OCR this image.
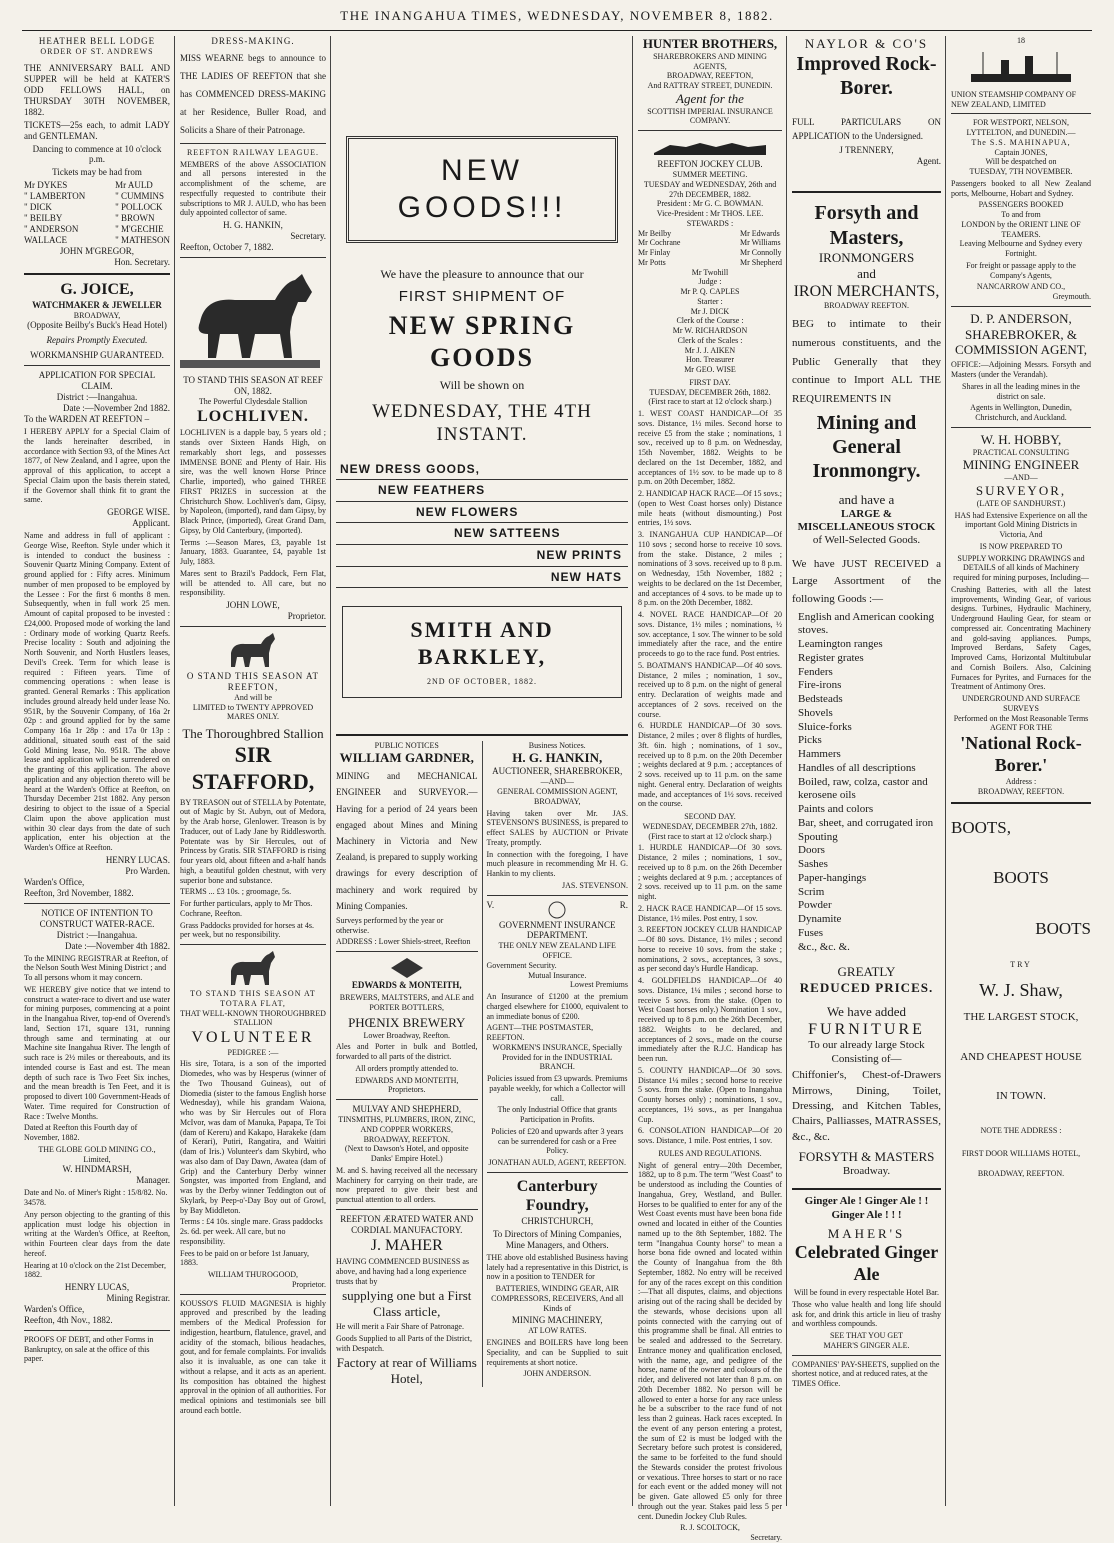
THE INANGAHUA TIMES, WEDNESDAY, NOVEMBER 8, 1882.
HEATHER BELL LODGE
ORDER OF ST. ANDREWS

THE ANNIVERSARY BALL AND SUPPER will be held at KATER'S ODD FELLOWS HALL, on THURSDAY 30TH NOVEMBER, 1882.

TICKETS—25s each, to admit LADY and GENTLEMAN.

Dancing to commence at 10 o'clock p.m.

Tickets may be had from

Mr DYKES
" LAMBERTON
" DICK
" BEILBY
" ANDERSON
WALLACE
Mr AULD
" CUMMINS
" POLLOCK
" BROWN
" M'GECHIE
" MATHESON
JOHN M'GREGOR,
Hon. Secretary.
G. JOICE,
WATCHMAKER & JEWELLER
BROADWAY,
(Opposite Beilby's Buck's Head Hotel)
Repairs Promptly Executed.
WORKMANSHIP GUARANTEED.
APPLICATION FOR SPECIAL CLAIM.
District :—Inangahua.
Date :—November 2nd 1882.
To the WARDEN AT REEFTON –

I HEREBY APPLY for a Special Claim of the lands hereinafter described, in accordance with Section 93, of the Mines Act 1877, of New Zealand, and I agree, upon the approval of this application, to accept a Special Claim upon the basis therein stated, if the Governor shall think fit to grant the same.

GEORGE WISE.
Applicant.

Name and address in full of applicant : George Wise, Reefton. Style under which it is intended to conduct the business : Souvenir Quartz Mining Company. Extent of ground applied for : Fifty acres. Minimum number of men proposed to be employed by the Lessee : For the first 6 months 8 men. Subsequently, when in full work 25 men. Amount of capital proposed to be invested : £24,000. Proposed mode of working the land : Ordinary mode of working Quartz Reefs. Precise locality : South and adjoining the North Souvenir, and North Hustlers leases, Devil's Creek. Term for which lease is required : Fifteen years. Time of commencing operations : when lease is granted. General Remarks : This application includes ground already held under lease No. 951R, by the Souvenir Company, of 16a 2r 02p : and ground applied for by the same Company 16a 1r 28p : and 17a 0r 13p : additional, situated south east of the said Gold Mining lease, No. 951R. The above lease and application will be surrendered on the granting of this application. The above application and any objection thereto will be heard at the Warden's Office at Reefton, on Thursday December 21st 1882. Any person desiring to object to the issue of a Special Claim upon the above application must within 30 clear days from the date of such application, enter his objection at the Warden's Office at Reefton.

HENRY LUCAS.
Pro Warden.
Warden's Office,
Reefton, 3rd November, 1882.
NOTICE OF INTENTION TO CONSTRUCT WATER-RACE.
District :—Inangahua.
Date :—November 4th 1882.

To the MINING REGISTRAR at Reefton, of the Nelson South West Mining District ; and To all persons whom it may concern.

WE HEREBY give notice that we intend to construct a water-race to divert and use water for mining purposes, commencing at a point in the Inangahua River, top-end of Overend's land, Section 171, square 131, running through same and terminating at our Machine site Inangahua River. The length of such race is 2½ miles or thereabouts, and its intended course is East and est. The mean depth of such race is Two Feet Six inches, and the mean breadth is Ten Feet, and it is proposed to divert 100 Government-Heads of Water. Time required for Construction of Race : Twelve Months.

Dated at Reefton this Fourth day of November, 1882.

THE GLOBE GOLD MINING CO., Limited,
W. HINDMARSH,
Manager.

Date and No. of Miner's Right : 15/8/82. No. 34578.

Any person objecting to the granting of this application must lodge his objection in writing at the Warden's Office, at Reefton, within Fourteen clear days from the date hereof.

Hearing at 10 o'clock on the 21st December, 1882.

HENRY LUCAS,
Mining Registrar.
Warden's Office,
Reefton, 4th Nov., 1882.

PROOFS OF DEBT, and other Forms in Bankruptcy, on sale at the office of this paper.

DRESS-MAKING.

MISS WEARNE begs to announce to THE LADIES OF REEFTON that she has COMMENCED DRESS-MAKING at her Residence, Buller Road, and Solicits a Share of their Patronage.

REEFTON RAILWAY LEAGUE.

MEMBERS of the above ASSOCIATION and all persons interested in the accomplishment of the scheme, are respectfully requested to contribute their subscriptions to MR J. AULD, who has been duly appointed collector of same.

H. G. HANKIN,
Secretary.
Reefton, October 7, 1882.
TO STAND THIS SEASON AT REEF ON, 1882.
The Powerful Clydesdale Stallion
LOCHLIVEN.

LOCHLIVEN is a dapple bay, 5 years old ; stands over Sixteen Hands High, on remarkably short legs, and possesses IMMENSE BONE and Plenty of Hair. His sire, was the well known Horse Prince Charlie, imported), who gained THREE FIRST PRIZES in succession at the Christchurch Show. Lochliven's dam, Gipsy, by Napoleon, (imported), rand dam Gipsy, by Black Prince, (imported), Great Grand Dam, Gipsy, by Old Canterbury, (imported).

Terms :—Season Mares, £3, payable 1st January, 1883. Guarantee, £4, payable 1st July, 1883.

Mares sent to Brazil's Paddock, Fern Flat, will be attended to. All care, but no responsibility.

JOHN LOWE,
Proprietor.
O STAND THIS SEASON AT REEFTON,
And will be
LIMITED to TWENTY APPROVED MARES ONLY.
The Thoroughbred Stallion
SIR STAFFORD,

BY TREASON out of STELLA by Potentate, out of Magic by St. Aubyn, out of Medora, by the Arab horse, Glenlower. Treason is by Traducer, out of Lady Jane by Riddlesworth. Potentate was by Sir Hercules, out of Princess by Gratis. SIR STAFFORD is rising four years old, about fifteen and a-half hands high, a beautiful golden chestnut, with very superior bone and substance.

TERMS ... £3 10s. ; groomage, 5s.

For further particulars, apply to Mr Thos. Cochrane, Reefton.

Grass Paddocks provided for horses at 4s. per week, but no responsibility.

TO STAND THIS SEASON AT TOTARA FLAT,
THAT WELL-KNOWN THOROUGHBRED STALLION
VOLUNTEER
PEDIGREE :—

His sire, Totara, is a son of the imported Diomedes, who was by Hesperus (winner of the Two Thousand Guineas), out of Diomedia (sister to the famous English horse Wednesday), while his grandam Waiona, who was by Sir Hercules out of Flora McIvor, was dam of Manuka, Papapa, Te Toi (dam of Kereru) and Kakapo, Harakeke (dam of Kerari), Putiri, Rangatira, and Waitiri (dam of Iris.) Volunteer's dam Skybird, who was also dam of Day Dawn, Awatea (dam of Grip) and the Canterbury Derby winner Songster, was imported from England, and was by the Derby winner Teddington out of Skylark, by Peep-o'-Day Boy out of Growl, by Bay Middleton.

Terms : £4 10s. single mare. Grass paddocks 2s. 6d. per week. All care, but no responsibility.

Fees to be paid on or before 1st January, 1883.

WILLIAM THUROGOOD,
Proprietor.

KOUSSO'S FLUID MAGNESIA is highly approved and prescribed by the leading members of the Medical Profession for indigestion, heartburn, flatulence, gravel, and acidity of the stomach, bilious headaches, gout, and for female complaints. For invalids also it is invaluable, as one can take it without a relapse, and it acts as an aperient. Its composition has obtained the highest approval in the opinion of all authorities. For medical opinions and testimonials see bill around each bottle.

NEW GOODS!!!
We have the pleasure to announce that our
FIRST SHIPMENT OF
NEW SPRING GOODS
Will be shown on
WEDNESDAY, THE 4TH INSTANT.
NEW DRESS GOODS,
NEW FEATHERS
NEW FLOWERS
NEW SATTEENS
NEW PRINTS
NEW HATS
SMITH AND BARKLEY,
2ND OF OCTOBER, 1882.
PUBLIC NOTICES
WILLIAM GARDNER,

MINING and MECHANICAL ENGINEER and SURVEYOR.—Having for a period of 24 years been engaged about Mines and Mining Machinery in Victoria and New Zealand, is prepared to supply working drawings for every description of machinery and work required by Mining Companies.

Surveys performed by the year or otherwise.

ADDRESS : Lower Shiels-street, Reefton

EDWARDS & MONTEITH,

BREWERS, MALTSTERS, and ALE and PORTER BOTTLERS,

PHŒNIX BREWERY
Lower Broadway, Reefton.

Ales and Porter in bulk and Bottled, forwarded to all parts of the district.

All orders promptly attended to.

EDWARDS AND MONTEITH,
Proprietors.
MULVAY AND SHEPHERD,
TINSMITHS, PLUMBERS, IRON, ZINC, AND COPPER WORKERS,
BROADWAY, REEFTON.
(Next to Dawson's Hotel, and opposite Danks' Empire Hotel.)

M. and S. having received all the necessary Machinery for carrying on their trade, are now prepared to give their best and punctual attention to all orders.

REEFTON ÆRATED WATER AND CORDIAL MANUFACTORY.
J. MAHER

HAVING COMMENCED BUSINESS as above, and having had a long experience trusts that by

supplying one but a First Class article,

He will merit a Fair Share of Patronage.

Goods Supplied to all Parts of the District, with Despatch.

Factory at rear of Williams Hotel,
Business Notices.
H. G. HANKIN,
AUCTIONEER, SHAREBROKER,
—AND—
GENERAL COMMISSION AGENT,
BROADWAY,

Having taken over Mr. JAS. STEVENSON'S BUSINESS, is prepared to effect SALES by AUCTION or Private Treaty, promptly.

In connection with the foregoing, I have much pleasure in recommending Mr H. G. Hankin to my clients.

JAS. STEVENSON.
V.	R.
GOVERNMENT INSURANCE DEPARTMENT.
THE ONLY NEW ZEALAND LIFE OFFICE.
Government Security.
Mutual Insurance.
Lowest Premiums

An Insurance of £1200 at the premium charged elsewhere for £1000, equivalent to an immediate bonus of £200.

AGENT—THE POSTMASTER, REEFTON.
WORKMEN'S INSURANCE, Specially Provided for in the INDUSTRIAL BRANCH.

Policies issued from £3 upwards. Premiums payable weekly, for which a Collector will call.

The only Industrial Office that grants Participation in Profits.

Policies of £20 and upwards after 3 years can be surrendered for cash or a Free Policy.

JONATHAN AULD, AGENT, REEFTON.
Canterbury Foundry,
CHRISTCHURCH,

To Directors of Mining Companies, Mine Managers, and Others.

THE above old established Business having lately had a representative in this District, is now in a position to TENDER for

BATTERIES, WINDING GEAR, AIR COMPRESSORS, RECEIVERS, And all Kinds of

MINING MACHINERY,
AT LOW RATES.

ENGINES and BOILERS have long been Speciality, and can be Supplied to suit requirements at short notice.

JOHN ANDERSON.
HUNTER BROTHERS,
SHAREBROKERS AND MINING AGENTS,
BROADWAY, REEFTON,
And RATTRAY STREET, DUNEDIN.
Agent for the
SCOTTISH IMPERIAL INSURANCE COMPANY.
REEFTON JOCKEY CLUB.
SUMMER MEETING.
TUESDAY and WEDNESDAY, 26th and 27th DECEMBER, 1882.
President : Mr G. C. BOWMAN.
Vice-President : Mr THOS. LEE.
STEWARDS :
Mr Beilby
Mr Cochrane
Mr Finlay
Mr Potts
Mr Edwards
Mr Williams
Mr Connolly
Mr Shepherd
Mr Twohill
Judge :
Mr P. Q. CAPLES
Starter :
Mr J. DICK
Clerk of the Course :
Mr W. RICHARDSON
Clerk of the Scales :
Mr J. J. AIKEN
Hon. Treasurer
Mr GEO. WISE
FIRST DAY.
TUESDAY, DECEMBER 26th, 1882.
(First race to start at 12 o'clock sharp.)
1. WEST COAST HANDICAP—Of 35 sovs. Distance, 1½ miles. Second horse to receive £5 from the stake ; nominations, 1 sov., received up to 8 p.m. on Wednesday, 15th November, 1882. Weights to be declared on the 1st December, 1882, and acceptances of 1½ sov. to be made up to 8 p.m. on 20th December, 1882.
2. HANDICAP HACK RACE—Of 15 sovs.; (open to West Coast horses only) Distance mile heats (without dismounting.) Post entries, 1½ sovs.
3. INANGAHUA CUP HANDICAP—Of 110 sovs ; second horse to receive 10 sovs. from the stake. Distance, 2 miles ; nominations of 3 sovs. received up to 8 p.m. on Wednesday, 15th November, 1882 ; weights to be declared on the 1st December, and acceptances of 4 sovs. to be made up to 8 p.m. on the 20th December, 1882.
4. NOVEL RACE HANDICAP—Of 20 sovs. Distance, 1½ miles ; nominations, ½ sov. acceptance, 1 sov. The winner to be sold immediately after the race, and the entire proceeds to go to the race fund. Post entries.
5. BOATMAN'S HANDICAP—Of 40 sovs. Distance, 2 miles ; nomination, 1 sov., received up to 8 p.m. on the night of general entry. Declaration of weights made and acceptances of 2 sovs. received on the course.
6. HURDLE HANDICAP—Of 30 sovs. Distance, 2 miles ; over 8 flights of hurdles, 3ft. 6in. high ; nominations, of 1 sov., received up to 8 p.m. on the 20th December ; weights declared at 9 p.m. ; acceptances of 2 sovs. received up to 11 p.m. on the same night. General entry. Declaration of weights made, and acceptances of 1½ sovs. received on the course.
SECOND DAY.
WEDNESDAY, DECEMBER 27th, 1882.
(First race to start at 12 o'clock sharp.)
1. HURDLE HANDICAP—Of 30 sovs. Distance, 2 miles ; nominations, 1 sov., received up to 8 p.m. on the 26th December ; weights declared at 9 p.m. ; acceptances of 2 sovs. received up to 11 p.m. on the same night.
2. HACK RACE HANDICAP—Of 15 sovs. Distance, 1½ miles. Post entry, 1 sov.
3. REEFTON JOCKEY CLUB HANDICAP—Of 80 sovs. Distance, 1½ miles ; second horse to receive 10 sovs. from the stake ; nominations, 2 sovs., acceptances, 3 sovs., as per second day's Hurdle Handicap.
4. GOLDFIELDS HANDICAP—Of 40 sovs. Distance, 1¼ miles ; second horse to receive 5 sovs. from the stake. (Open to West Coast horses only.) Nomination 1 sov., received up to 8 p.m. on the 26th December, 1882. Weights to be declared, and acceptances of 2 sovs., made on the course immediately after the R.J.C. Handicap has been run.
5. COUNTY HANDICAP—Of 30 sovs. Distance 1¼ miles ; second horse to receive 5 sovs. from the stake. (Open to Inangahua County horses only) ; nominations, 1 sov., acceptances, 1½ sovs., as per Inangahua Cup.
6. CONSOLATION HANDICAP—Of 20 sovs. Distance, 1 mile. Post entries, 1 sov.
RULES AND REGULATIONS.

Night of general entry—20th December, 1882, up to 8 p.m. The term "West Coast" to be understood as including the Counties of Inangahua, Grey, Westland, and Buller. Horses to be qualified to enter for any of the West Coast events must have been bona fide owned and located in either of the Counties named up to the 8th September, 1882. The term "Inangahua County horse" to mean a horse bona fide owned and located within the County of Inangahua from the 8th September, 1882. No entry will be received for any of the races except on this condition :—That all disputes, claims, and objections arising out of the racing shall be decided by the stewards, whose decisions upon all points connected with the carrying out of this programme shall be final. All entries to be sealed and addressed to the Secretary. Entrance money and qualification enclosed, with the name, age, and pedigree of the horse, name of the owner and colours of the rider, and delivered not later than 8 p.m. on 20th December 1882. No person will be allowed to enter a horse for any race unless he be a subscriber to the race fund of not less than 2 guineas. Hack races excepted. In the event of any person entering a protest, the sum of £2 is must be lodged with the Secretary before such protest is considered, the same to be forfeited to the fund should the Stewards consider the protest frivolous or vexatious. Three horses to start or no race for each event or the added money will not be given. Gate allowed £5 only for three through out the year. Stakes paid less 5 per cent. Dunedin Jockey Club Rules.

R. J. SCOLTOCK,
Secretary.
NAYLOR & CO'S
Improved Rock-Borer.

FULL PARTICULARS ON APPLICATION to the Undersigned.

J TRENNERY,
Agent.
Forsyth and Masters,
IRONMONGERS
and
IRON MERCHANTS,
BROADWAY REEFTON.

BEG to intimate to their numerous constituents, and the Public Generally that they continue to Import ALL THE REQUIREMENTS IN

Mining and General
Ironmongry.
and have a
LARGE & MISCELLANEOUS STOCK
of Well-Selected Goods.

We have JUST RECEIVED a Large Assortment of the following Goods :—

English and American cooking stoves.
Leamington ranges
Register grates
Fenders
Fire-irons
Bedsteads
Shovels
Sluice-forks
Picks
Hammers
Handles of all descriptions
Boiled, raw, colza, castor and kerosene oils
Paints and colors
Bar, sheet, and corrugated iron
Spouting
Doors
Sashes
Paper-hangings
Scrim
Powder
Dynamite
Fuses
&c., &c. &.
GREATLY
REDUCED PRICES.
We have added
FURNITURE
To our already large Stock Consisting of—

Chiffonier's, Chest-of-Drawers Mirrows, Dining, Toilet, Dressing, and Kitchen Tables, Chairs, Palliasses, MATRASSES, &c., &c.

FORSYTH & MASTERS
Broadway.
Ginger Ale ! Ginger Ale ! ! Ginger Ale ! ! !
MAHER'S
Celebrated Ginger Ale

Will be found in every respectable Hotel Bar.

Those who value health and long life should ask for, and drink this article in lieu of trashy and worthless compounds.

SEE THAT YOU GET
MAHER'S GINGER ALE.

COMPANIES' PAY-SHEETS, supplied on the shortest notice, and at reduced rates, at the TIMES Office.

18
UNION STEAMSHIP COMPANY OF NEW ZEALAND, LIMITED
FOR WESTPORT, NELSON, LYTTELTON, and DUNEDIN.—
The S.S. MAHINAPUA,
Captain JONES,
Will be despatched on
TUESDAY, 7TH NOVEMBER.

Passengers booked to all New Zealand ports, Melbourne, Hobart and Sydney.

PASSENGERS BOOKED
To and from
LONDON by the ORIENT LINE OF TEAMERS.
Leaving Melbourne and Sydney every Fortnight.

For freight or passage apply to the Company's Agents,

NANCARROW AND CO.,
Greymouth.
D. P. ANDERSON,
SHAREBROKER, & COMMISSION AGENT,

OFFICE:—Adjoining Messrs. Forsyth and Masters (under the Verandah).

Shares in all the leading mines in the district on sale.

Agents in Wellington, Dunedin, Christchurch, and Auckland.

W. H. HOBBY,
PRACTICAL CONSULTING
MINING ENGINEER
—AND—
SURVEYOR,
(LATE OF SANDHURST.)

HAS had Extensive Experience on all the important Gold Mining Districts in Victoria, And

IS NOW PREPARED TO

SUPPLY WORKING DRAWINGS and DETAILS of all kinds of Machinery required for mining purposes, Including—

Crushing Batteries, with all the latest improvements, Winding Gear, of various designs. Turbines, Hydraulic Machinery, Underground Hauling Gear, for steam or compressed air. Concentrating Machinery and gold-saving appliances. Pumps, Improved Berdans, Safety Cages, Improved Cams, Horizontal Multitubular and Cornish Boilers. Also, Calcining Furnaces for Pyrites, and Furnaces for the Treatment of Antimony Ores.

UNDERGROUND AND SURFACE SURVEYS
Performed on the Most Reasonable Terms
AGENT FOR THE
'National Rock-Borer.'
Address :
BROADWAY, REEFTON.
BOOTS,
BOOTS
BOOTS
TRY
W. J. Shaw,
THE LARGEST STOCK,
AND CHEAPEST HOUSE
IN TOWN.
NOTE THE ADDRESS :
FIRST DOOR WILLIAMS HOTEL,
BROADWAY, REEFTON.
